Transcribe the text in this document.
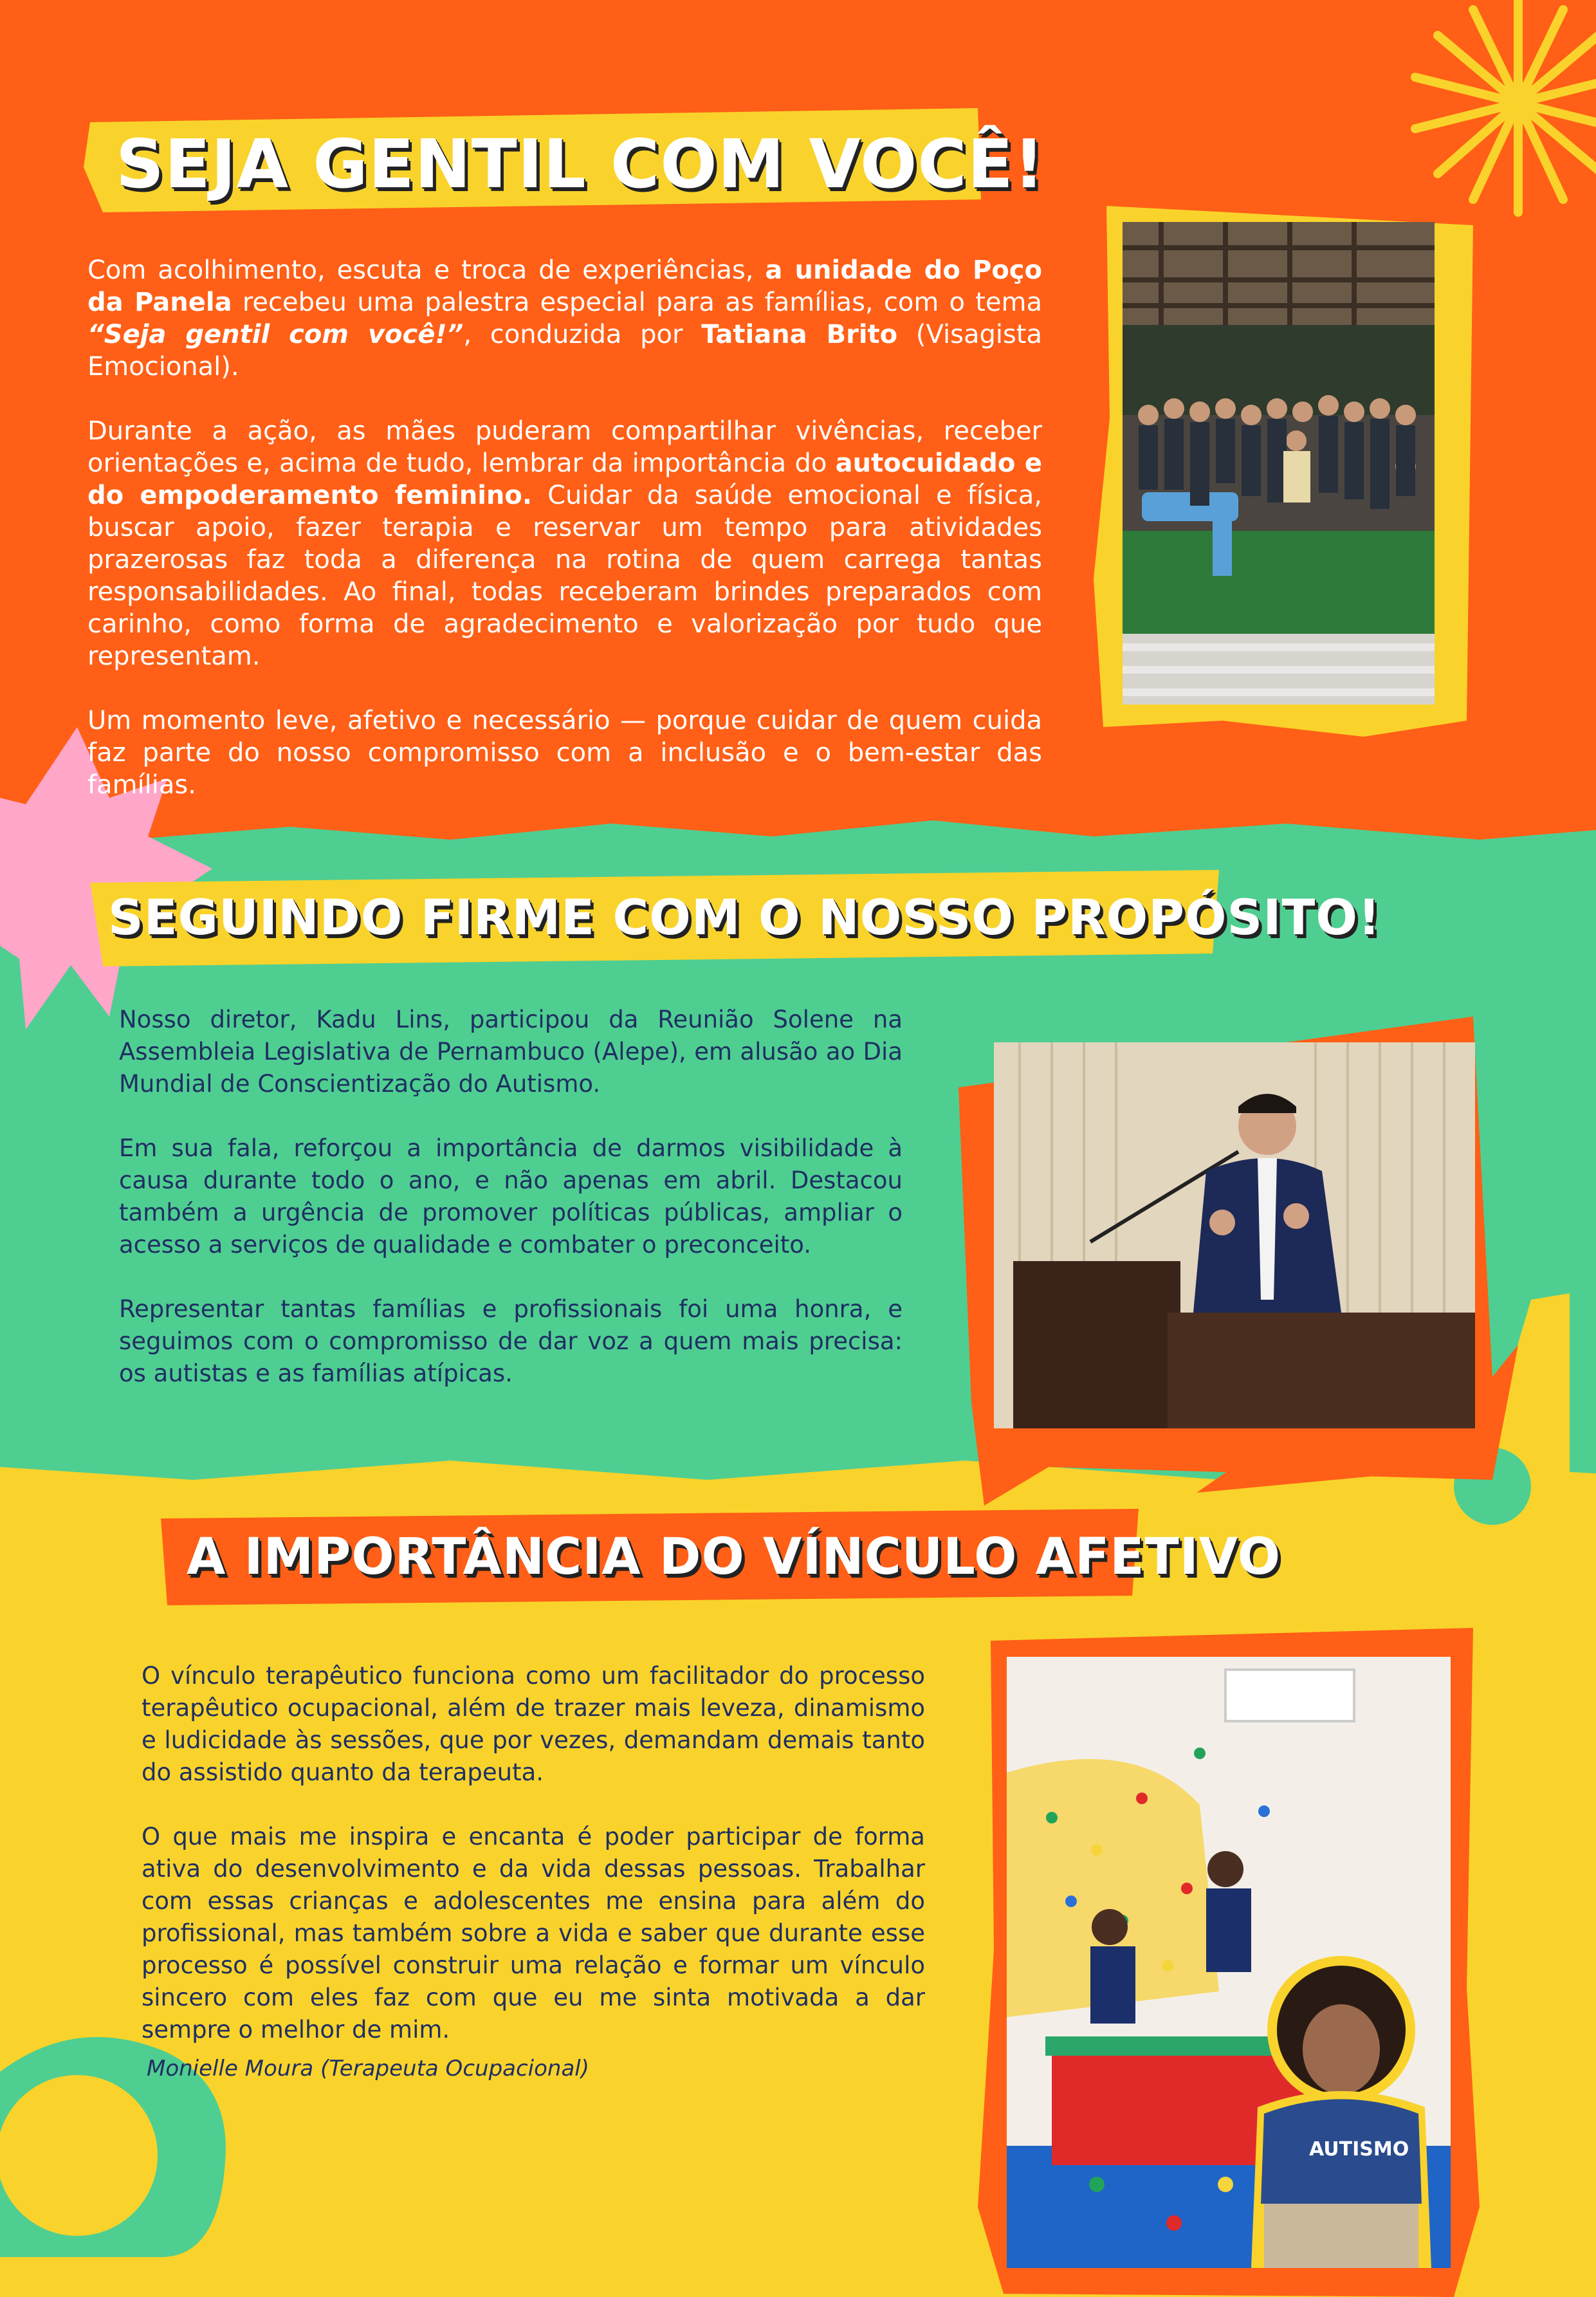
SEJA GENTIL COM VOCÊ!

Com acolhimento, escuta e troca de experiências, a unidade do Poço da Panela recebeu uma palestra especial para as famílias, com o tema “Seja gentil com você!”, conduzida por Tatiana Brito (Visagista Emocional).

Durante a ação, as mães puderam compartilhar vivências, receber orientações e, acima de tudo, lembrar da importância do autocuidado e do empoderamento feminino. Cuidar da saúde emocional e física, buscar apoio, fazer terapia e reservar um tempo para atividades prazerosas faz toda a diferença na rotina de quem carrega tantas responsabilidades. Ao final, todas receberam brindes preparados com carinho, como forma de agradecimento e valorização por tudo que representam.

Um momento leve, afetivo e necessário — porque cuidar de quem cuida faz parte do nosso compromisso com a inclusão e o bem-estar das famílias.

SEGUINDO FIRME COM O NOSSO PROPÓSITO!

Nosso diretor, Kadu Lins, participou da Reunião Solene na Assembleia Legislativa de Pernambuco (Alepe), em alusão ao Dia Mundial de Conscientização do Autismo.

Em sua fala, reforçou a importância de darmos visibilidade à causa durante todo o ano, e não apenas em abril. Destacou também a urgência de promover políticas públicas, ampliar o acesso a serviços de qualidade e combater o preconceito.

Representar tantas famílias e profissionais foi uma honra, e seguimos com o compromisso de dar voz a quem mais precisa: os autistas e as famílias atípicas.

A IMPORTÂNCIA DO VÍNCULO AFETIVO

O vínculo terapêutico funciona como um facilitador do processo terapêutico ocupacional, além de trazer mais leveza, dinamismo e ludicidade às sessões, que por vezes, demandam demais tanto do assistido quanto da terapeuta.

O que mais me inspira e encanta é poder participar de forma ativa do desenvolvimento e da vida dessas pessoas. Trabalhar com essas crianças e adolescentes me ensina para além do profissional, mas também sobre a vida e saber que durante esse processo é possível construir uma relação e formar um vínculo sincero com eles faz com que eu me sinta motivada a dar sempre o melhor de mim.

Monielle Moura (Terapeuta Ocupacional)
AUTISMO
